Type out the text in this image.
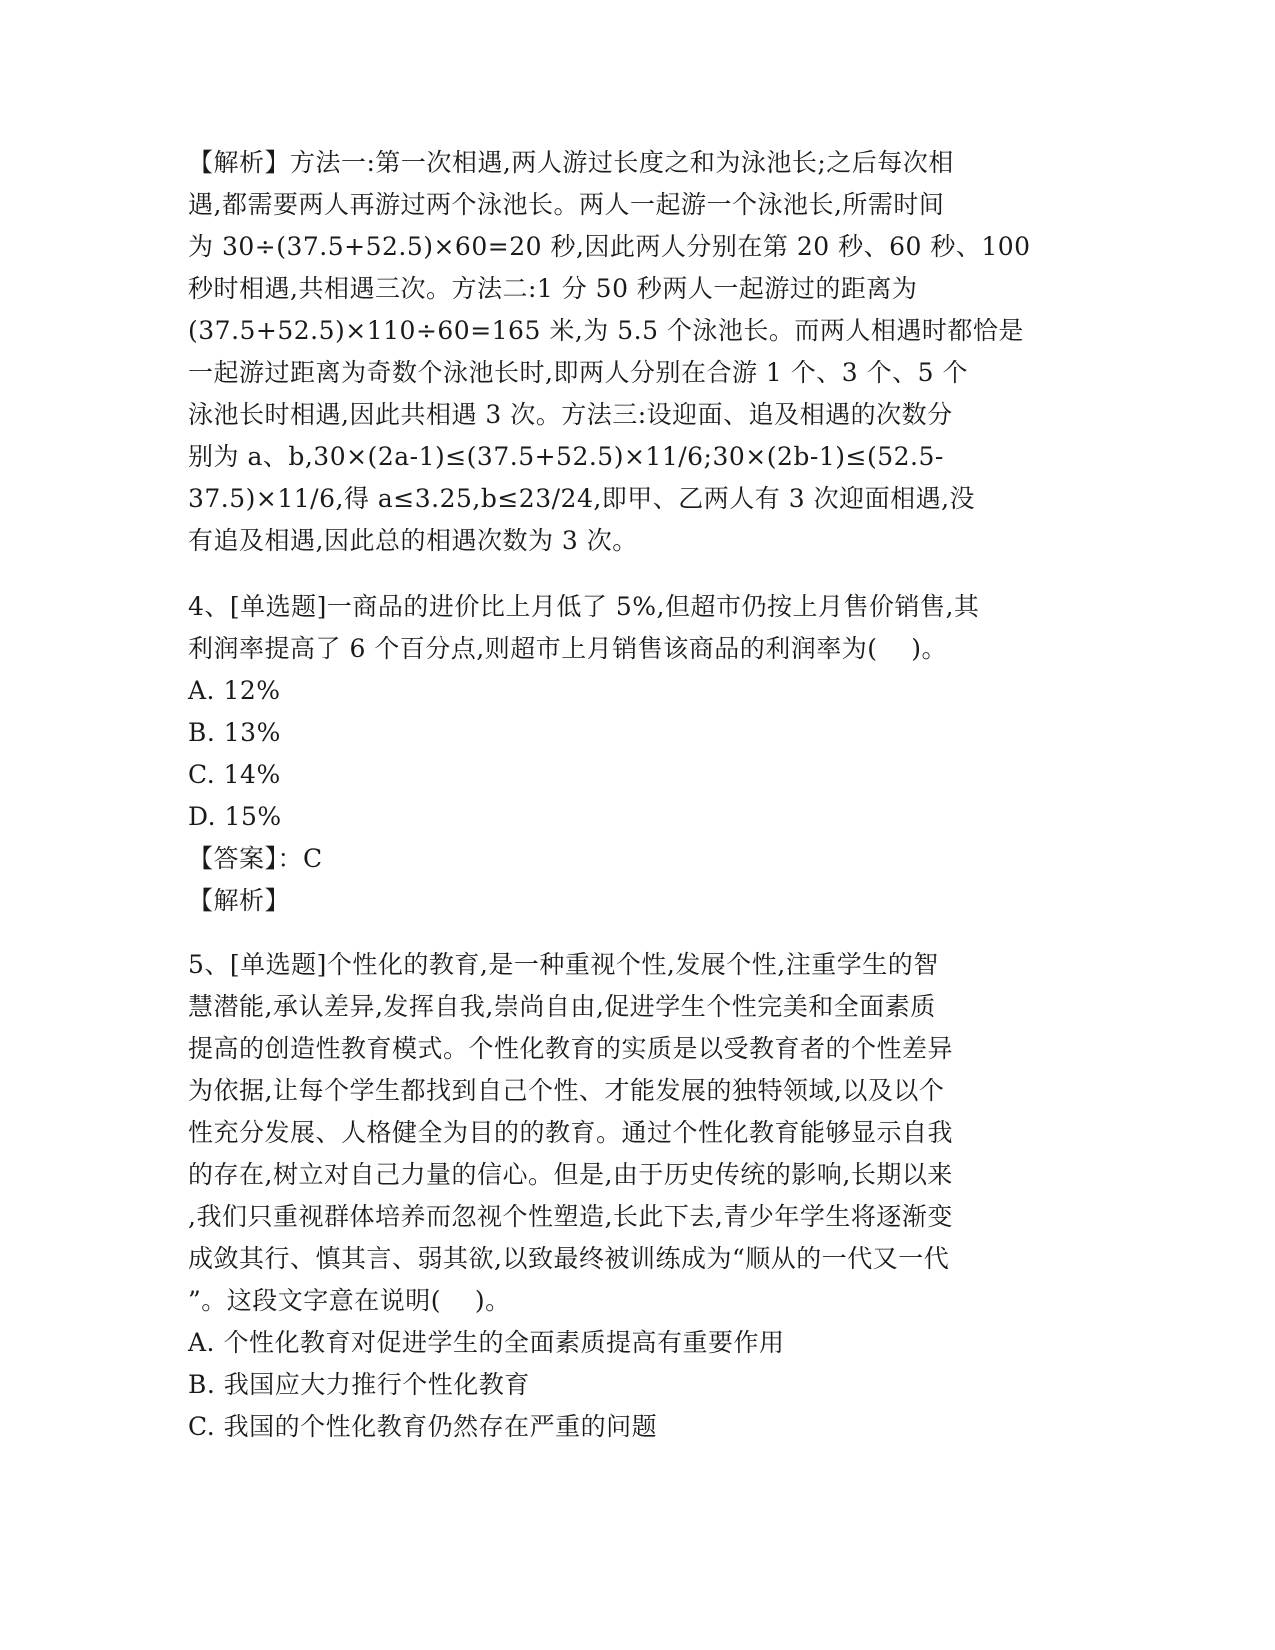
【解析】方法一:第一次相遇,两人游过长度之和为泳池长;之后每次相
遇,都需要两人再游过两个泳池长。两人一起游一个泳池长,所需时间
为 30÷(37.5+52.5)×60=20 秒,因此两人分别在第 20 秒、60 秒、100
秒时相遇,共相遇三次。方法二:1 分 50 秒两人一起游过的距离为
(37.5+52.5)×110÷60=165 米,为 5.5 个泳池长。而两人相遇时都恰是
一起游过距离为奇数个泳池长时,即两人分别在合游 1 个、3 个、5 个
泳池长时相遇,因此共相遇 3 次。方法三:设迎面、追及相遇的次数分
别为 a、b,30×(2a-1)≤(37.5+52.5)×11/6;30×(2b-1)≤(52.5-
37.5)×11/6,得 a≤3.25,b≤23/24,即甲、乙两人有 3 次迎面相遇,没
有追及相遇,因此总的相遇次数为 3 次。
4、[单选题]一商品的进价比上月低了 5%,但超市仍按上月售价销售,其
利润率提高了 6 个百分点,则超市上月销售该商品的利润率为(    )。
A. 12%
B. 13%
C. 14%
D. 15%
【答案】：C
【解析】
5、[单选题]个性化的教育,是一种重视个性,发展个性,注重学生的智
慧潜能,承认差异,发挥自我,崇尚自由,促进学生个性完美和全面素质
提高的创造性教育模式。个性化教育的实质是以受教育者的个性差异
为依据,让每个学生都找到自己个性、才能发展的独特领域,以及以个
性充分发展、人格健全为目的的教育。通过个性化教育能够显示自我
的存在,树立对自己力量的信心。但是,由于历史传统的影响,长期以来
,我们只重视群体培养而忽视个性塑造,长此下去,青少年学生将逐渐变
成敛其行、慎其言、弱其欲,以致最终被训练成为“顺从的一代又一代
”。这段文字意在说明(    )。
A. 个性化教育对促进学生的全面素质提高有重要作用
B. 我国应大力推行个性化教育
C. 我国的个性化教育仍然存在严重的问题
